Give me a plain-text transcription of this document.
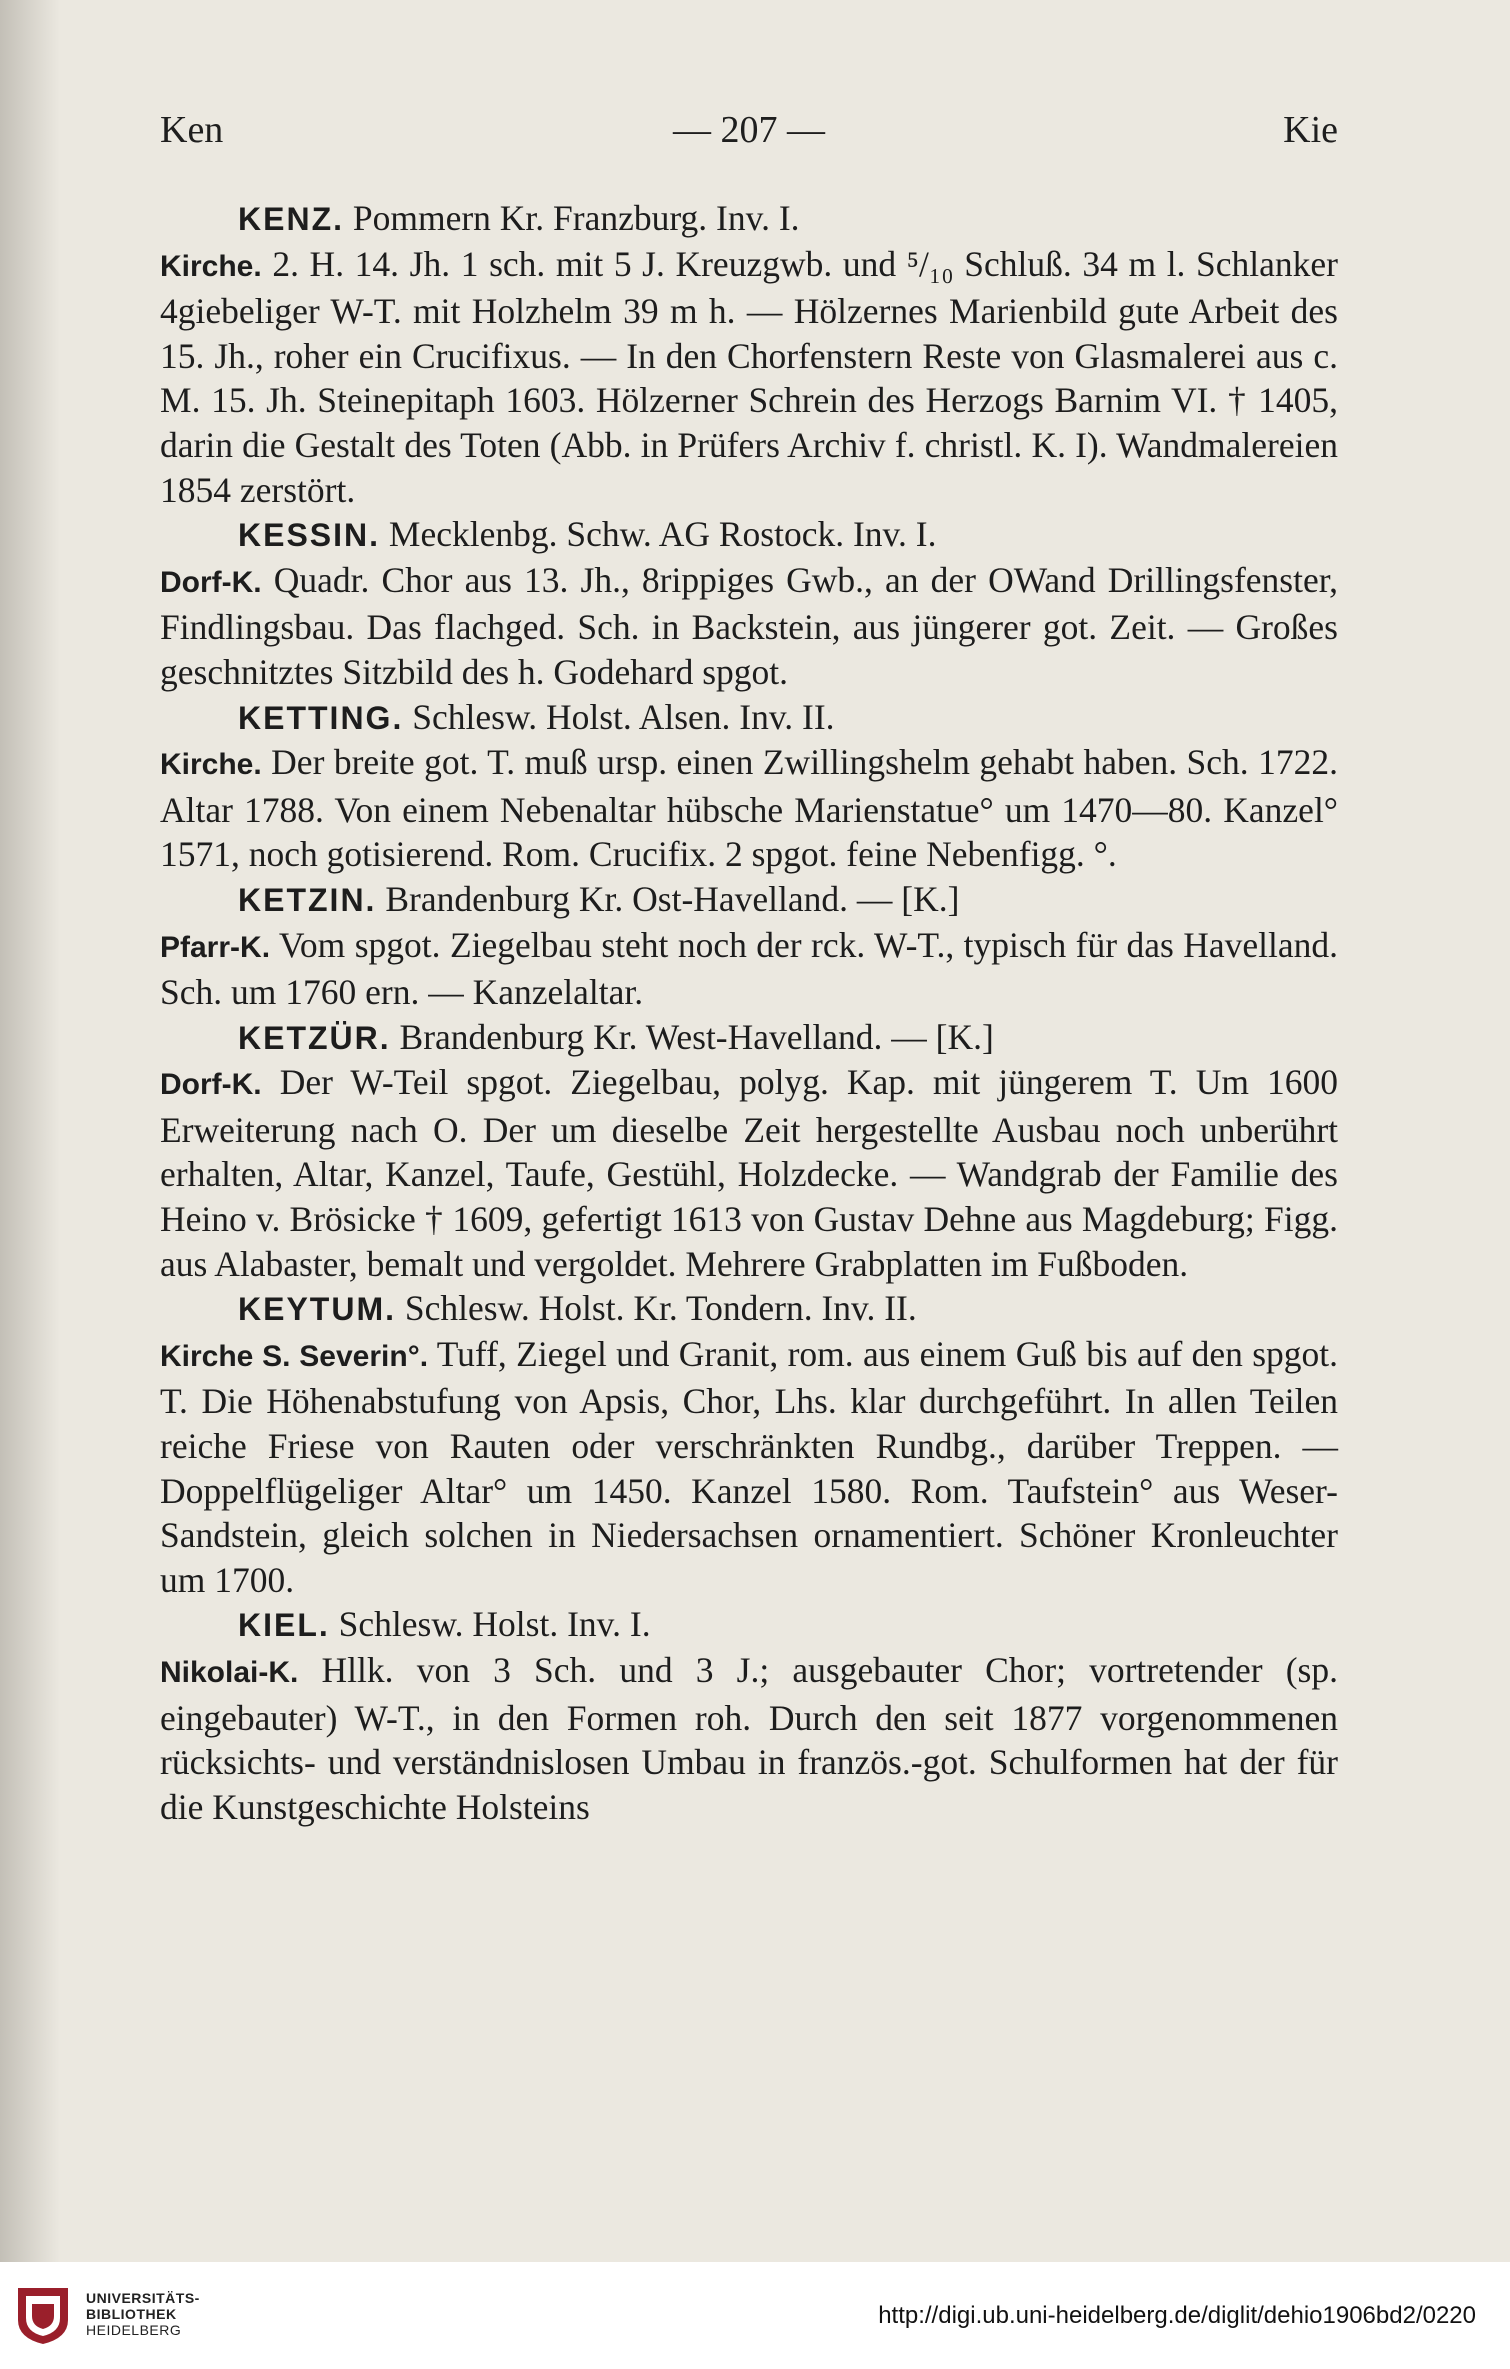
Ken	— 207 —	Kie
KENZ. Pommern Kr. Franzburg. Inv. I.

Kirche. 2. H. 14. Jh. 1 sch. mit 5 J. Kreuzgwb. und ⁵/₁₀ Schluß. 34 m l. Schlanker 4giebeliger W-T. mit Holzhelm 39 m h. — Hölzernes Marienbild gute Arbeit des 15. Jh., roher ein Crucifixus. — In den Chorfenstern Reste von Glasmalerei aus c. M. 15. Jh. Steinepitaph 1603. Hölzerner Schrein des Herzogs Barnim VI. † 1405, darin die Gestalt des Toten (Abb. in Prüfers Archiv f. christl. K. I). Wandmalereien 1854 zerstört.

KESSIN. Mecklenbg. Schw. AG Rostock. Inv. I.

Dorf-K. Quadr. Chor aus 13. Jh., 8rippiges Gwb., an der OWand Drillingsfenster, Findlingsbau. Das flachged. Sch. in Backstein, aus jüngerer got. Zeit. — Großes geschnitztes Sitzbild des h. Godehard spgot.

KETTING. Schlesw. Holst. Alsen. Inv. II.

Kirche. Der breite got. T. muß ursp. einen Zwillingshelm gehabt haben. Sch. 1722. Altar 1788. Von einem Nebenaltar hübsche Marienstatue° um 1470—80. Kanzel° 1571, noch gotisierend. Rom. Crucifix. 2 spgot. feine Nebenfigg. °.

KETZIN. Brandenburg Kr. Ost-Havelland. — [K.]

Pfarr-K. Vom spgot. Ziegelbau steht noch der rck. W-T., typisch für das Havelland. Sch. um 1760 ern. — Kanzelaltar.

KETZÜR. Brandenburg Kr. West-Havelland. — [K.]

Dorf-K. Der W-Teil spgot. Ziegelbau, polyg. Kap. mit jüngerem T. Um 1600 Erweiterung nach O. Der um dieselbe Zeit hergestellte Ausbau noch unberührt erhalten, Altar, Kanzel, Taufe, Gestühl, Holzdecke. — Wandgrab der Familie des Heino v. Brösicke † 1609, gefertigt 1613 von Gustav Dehne aus Magdeburg; Figg. aus Alabaster, bemalt und vergoldet. Mehrere Grabplatten im Fußboden.

KEYTUM. Schlesw. Holst. Kr. Tondern. Inv. II.

Kirche S. Severin°. Tuff, Ziegel und Granit, rom. aus einem Guß bis auf den spgot. T. Die Höhenabstufung von Apsis, Chor, Lhs. klar durchgeführt. In allen Teilen reiche Friese von Rauten oder verschränkten Rundbg., darüber Treppen. — Doppelflügeliger Altar° um 1450. Kanzel 1580. Rom. Taufstein° aus Weser-Sandstein, gleich solchen in Niedersachsen ornamentiert. Schöner Kronleuchter um 1700.

KIEL. Schlesw. Holst. Inv. I.

Nikolai-K. Hllk. von 3 Sch. und 3 J.; ausgebauter Chor; vortretender (sp. eingebauter) W-T., in den Formen roh. Durch den seit 1877 vorgenommenen rücksichts- und verständnislosen Umbau in französ.-got. Schulformen hat der für die Kunstgeschichte Holsteins

UNIVERSITÄTS-
BIBLIOTHEK
HEIDELBERG
http://digi.ub.uni-heidelberg.de/diglit/dehio1906bd2/0220
